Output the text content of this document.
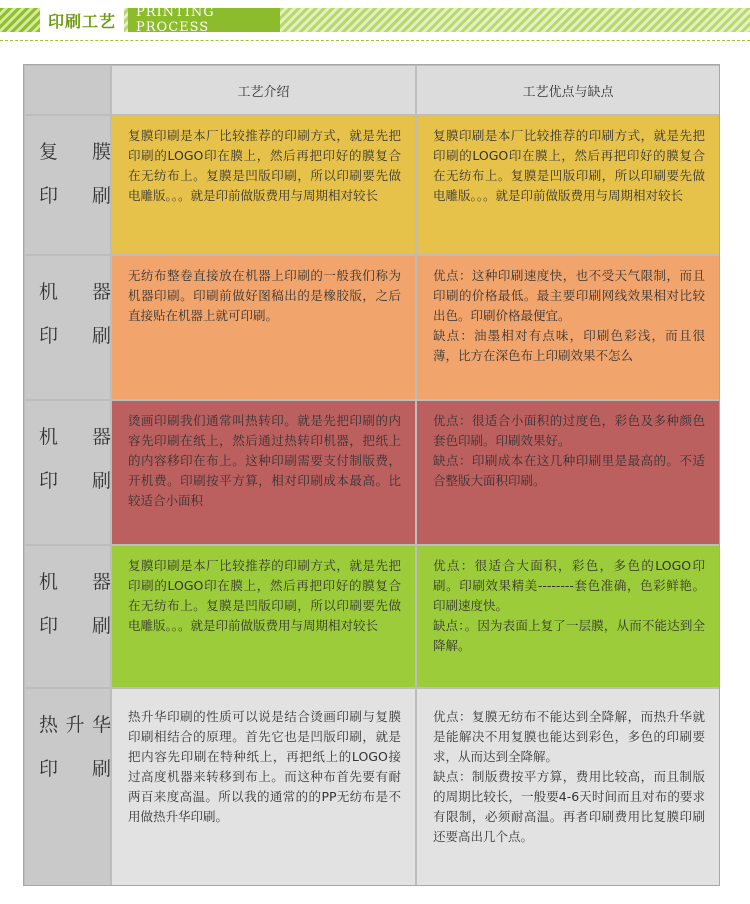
印刷工艺 PRINTING PROCESS
工艺介绍	工艺优点与缺点
复膜
印刷
复膜印刷是本厂比较推荐的印刷方式，就是先把印刷的LOGO印在膜上，然后再把印好的膜复合在无纺布上。复膜是凹版印刷，所以印刷要先做电雕版。。。就是印前做版费用与周期相对较长
复膜印刷是本厂比较推荐的印刷方式，就是先把印刷的LOGO印在膜上，然后再把印好的膜复合在无纺布上。复膜是凹版印刷，所以印刷要先做电雕版。。。就是印前做版费用与周期相对较长
机器
印刷
无纺布整卷直接放在机器上印刷的一般我们称为机器印刷。印刷前做好图稿出的是橡胶版，之后直接贴在机器上就可印刷。
优点：这种印刷速度快，也不受天气限制，而且印刷的价格最低。最主要印刷网线效果相对比较出色。印刷价格最便宜。
缺点：油墨相对有点味，印刷色彩浅，而且很薄，比方在深色布上印刷效果不怎么
机器
印刷
烫画印刷我们通常叫热转印。就是先把印刷的内容先印刷在纸上，然后通过热转印机器，把纸上的内容移印在布上。这种印刷需要支付制版费，开机费。印刷按平方算，相对印刷成本最高。比较适合小面积
优点：很适合小面积的过度色，彩色及多种颜色套色印刷。印刷效果好。
缺点：印刷成本在这几种印刷里是最高的。不适合整版大面积印刷。
机器
印刷
复膜印刷是本厂比较推荐的印刷方式，就是先把印刷的LOGO印在膜上，然后再把印好的膜复合在无纺布上。复膜是凹版印刷，所以印刷要先做电雕版。。。就是印前做版费用与周期相对较长
优点：很适合大面积，彩色，多色的LOGO印刷。印刷效果精美--------套色准确，色彩鲜艳。印刷速度快。
缺点：。因为表面上复了一层膜，从而不能达到全降解。
热升华
印刷
热升华印刷的性质可以说是结合烫画印刷与复膜印刷相结合的原理。首先它也是凹版印刷，就是把内容先印刷在特种纸上，再把纸上的LOGO接过高度机器来转移到布上。而这种布首先要有耐两百来度高温。所以我的通常的的PP无纺布是不用做热升华印刷。
优点：复膜无纺布不能达到全降解，而热升华就是能解决不用复膜也能达到彩色，多色的印刷要求，从而达到全降解。
缺点：制版费按平方算，费用比较高，而且制版的周期比较长，一般要4-6天时间而且对布的要求有限制，必须耐高温。再者印刷费用比复膜印刷还要高出几个点。
